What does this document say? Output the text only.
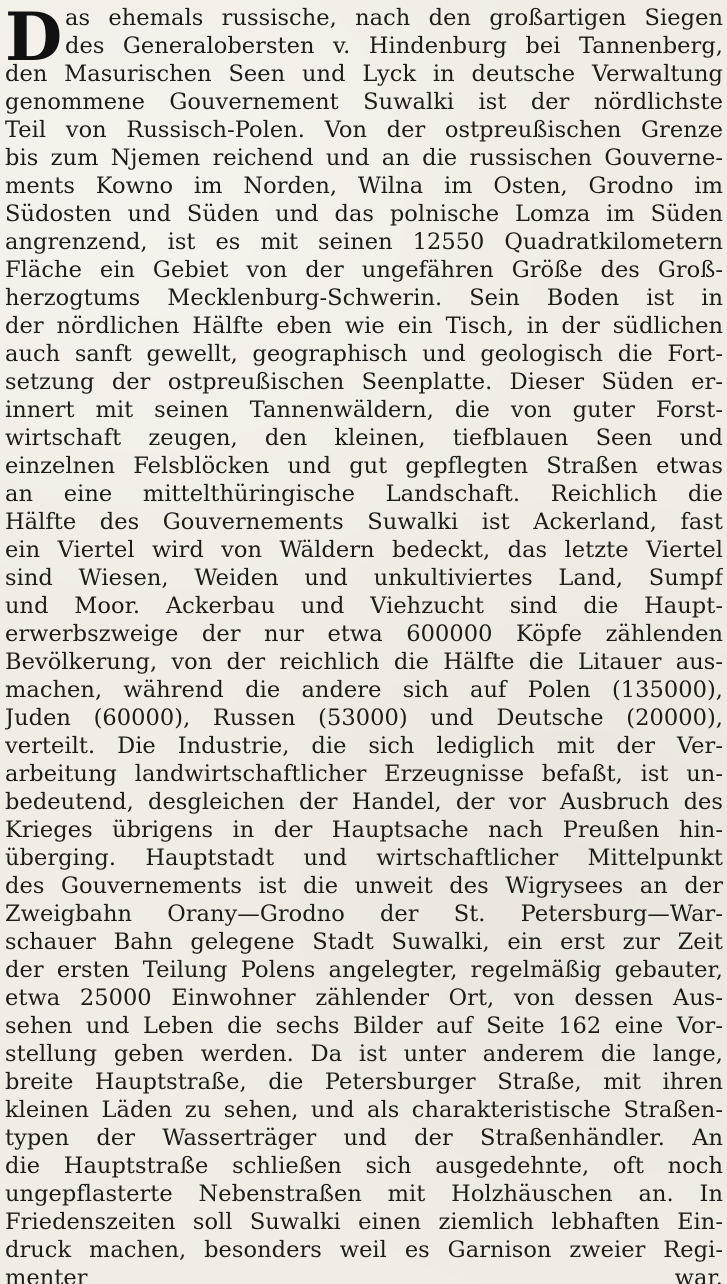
D as ehemals russische, nach den großartigen Siegen
des Generalobersten v. Hindenburg bei Tannenberg,
den Masurischen Seen und Lyck in deutsche Verwaltung
genommene Gouvernement Suwalki ist der nördlichste
Teil von Russisch-Polen. Von der ostpreußischen Grenze
bis zum Njemen reichend und an die russischen Gouverne-
ments Kowno im Norden, Wilna im Osten, Grodno im
Südosten und Süden und das polnische Lomza im Süden
angrenzend, ist es mit seinen 12550 Quadratkilometern
Fläche ein Gebiet von der ungefähren Größe des Groß-
herzogtums Mecklenburg-Schwerin. Sein Boden ist in
der nördlichen Hälfte eben wie ein Tisch, in der südlichen
auch sanft gewellt, geographisch und geologisch die Fort-
setzung der ostpreußischen Seenplatte. Dieser Süden er-
innert mit seinen Tannenwäldern, die von guter Forst-
wirtschaft zeugen, den kleinen, tiefblauen Seen und
einzelnen Felsblöcken und gut gepflegten Straßen etwas
an eine mittelthüringische Landschaft. Reichlich die
Hälfte des Gouvernements Suwalki ist Ackerland, fast
ein Viertel wird von Wäldern bedeckt, das letzte Viertel
sind Wiesen, Weiden und unkultiviertes Land, Sumpf
und Moor. Ackerbau und Viehzucht sind die Haupt-
erwerbszweige der nur etwa 600000 Köpfe zählenden
Bevölkerung, von der reichlich die Hälfte die Litauer aus-
machen, während die andere sich auf Polen (135000),
Juden (60000), Russen (53000) und Deutsche (20000),
verteilt. Die Industrie, die sich lediglich mit der Ver-
arbeitung landwirtschaftlicher Erzeugnisse befaßt, ist un-
bedeutend, desgleichen der Handel, der vor Ausbruch des
Krieges übrigens in der Hauptsache nach Preußen hin-
überging. Hauptstadt und wirtschaftlicher Mittelpunkt
des Gouvernements ist die unweit des Wigrysees an der
Zweigbahn Orany—Grodno der St. Petersburg—War-
schauer Bahn gelegene Stadt Suwalki, ein erst zur Zeit
der ersten Teilung Polens angelegter, regelmäßig gebauter,
etwa 25000 Einwohner zählender Ort, von dessen Aus-
sehen und Leben die sechs Bilder auf Seite 162 eine Vor-
stellung geben werden. Da ist unter anderem die lange,
breite Hauptstraße, die Petersburger Straße, mit ihren
kleinen Läden zu sehen, und als charakteristische Straßen-
typen der Wasserträger und der Straßenhändler. An
die Hauptstraße schließen sich ausgedehnte, oft noch
ungepflasterte Nebenstraßen mit Holzhäuschen an. In
Friedenszeiten soll Suwalki einen ziemlich lebhaften Ein-
druck machen, besonders weil es Garnison zweier Regi-
menter war.
